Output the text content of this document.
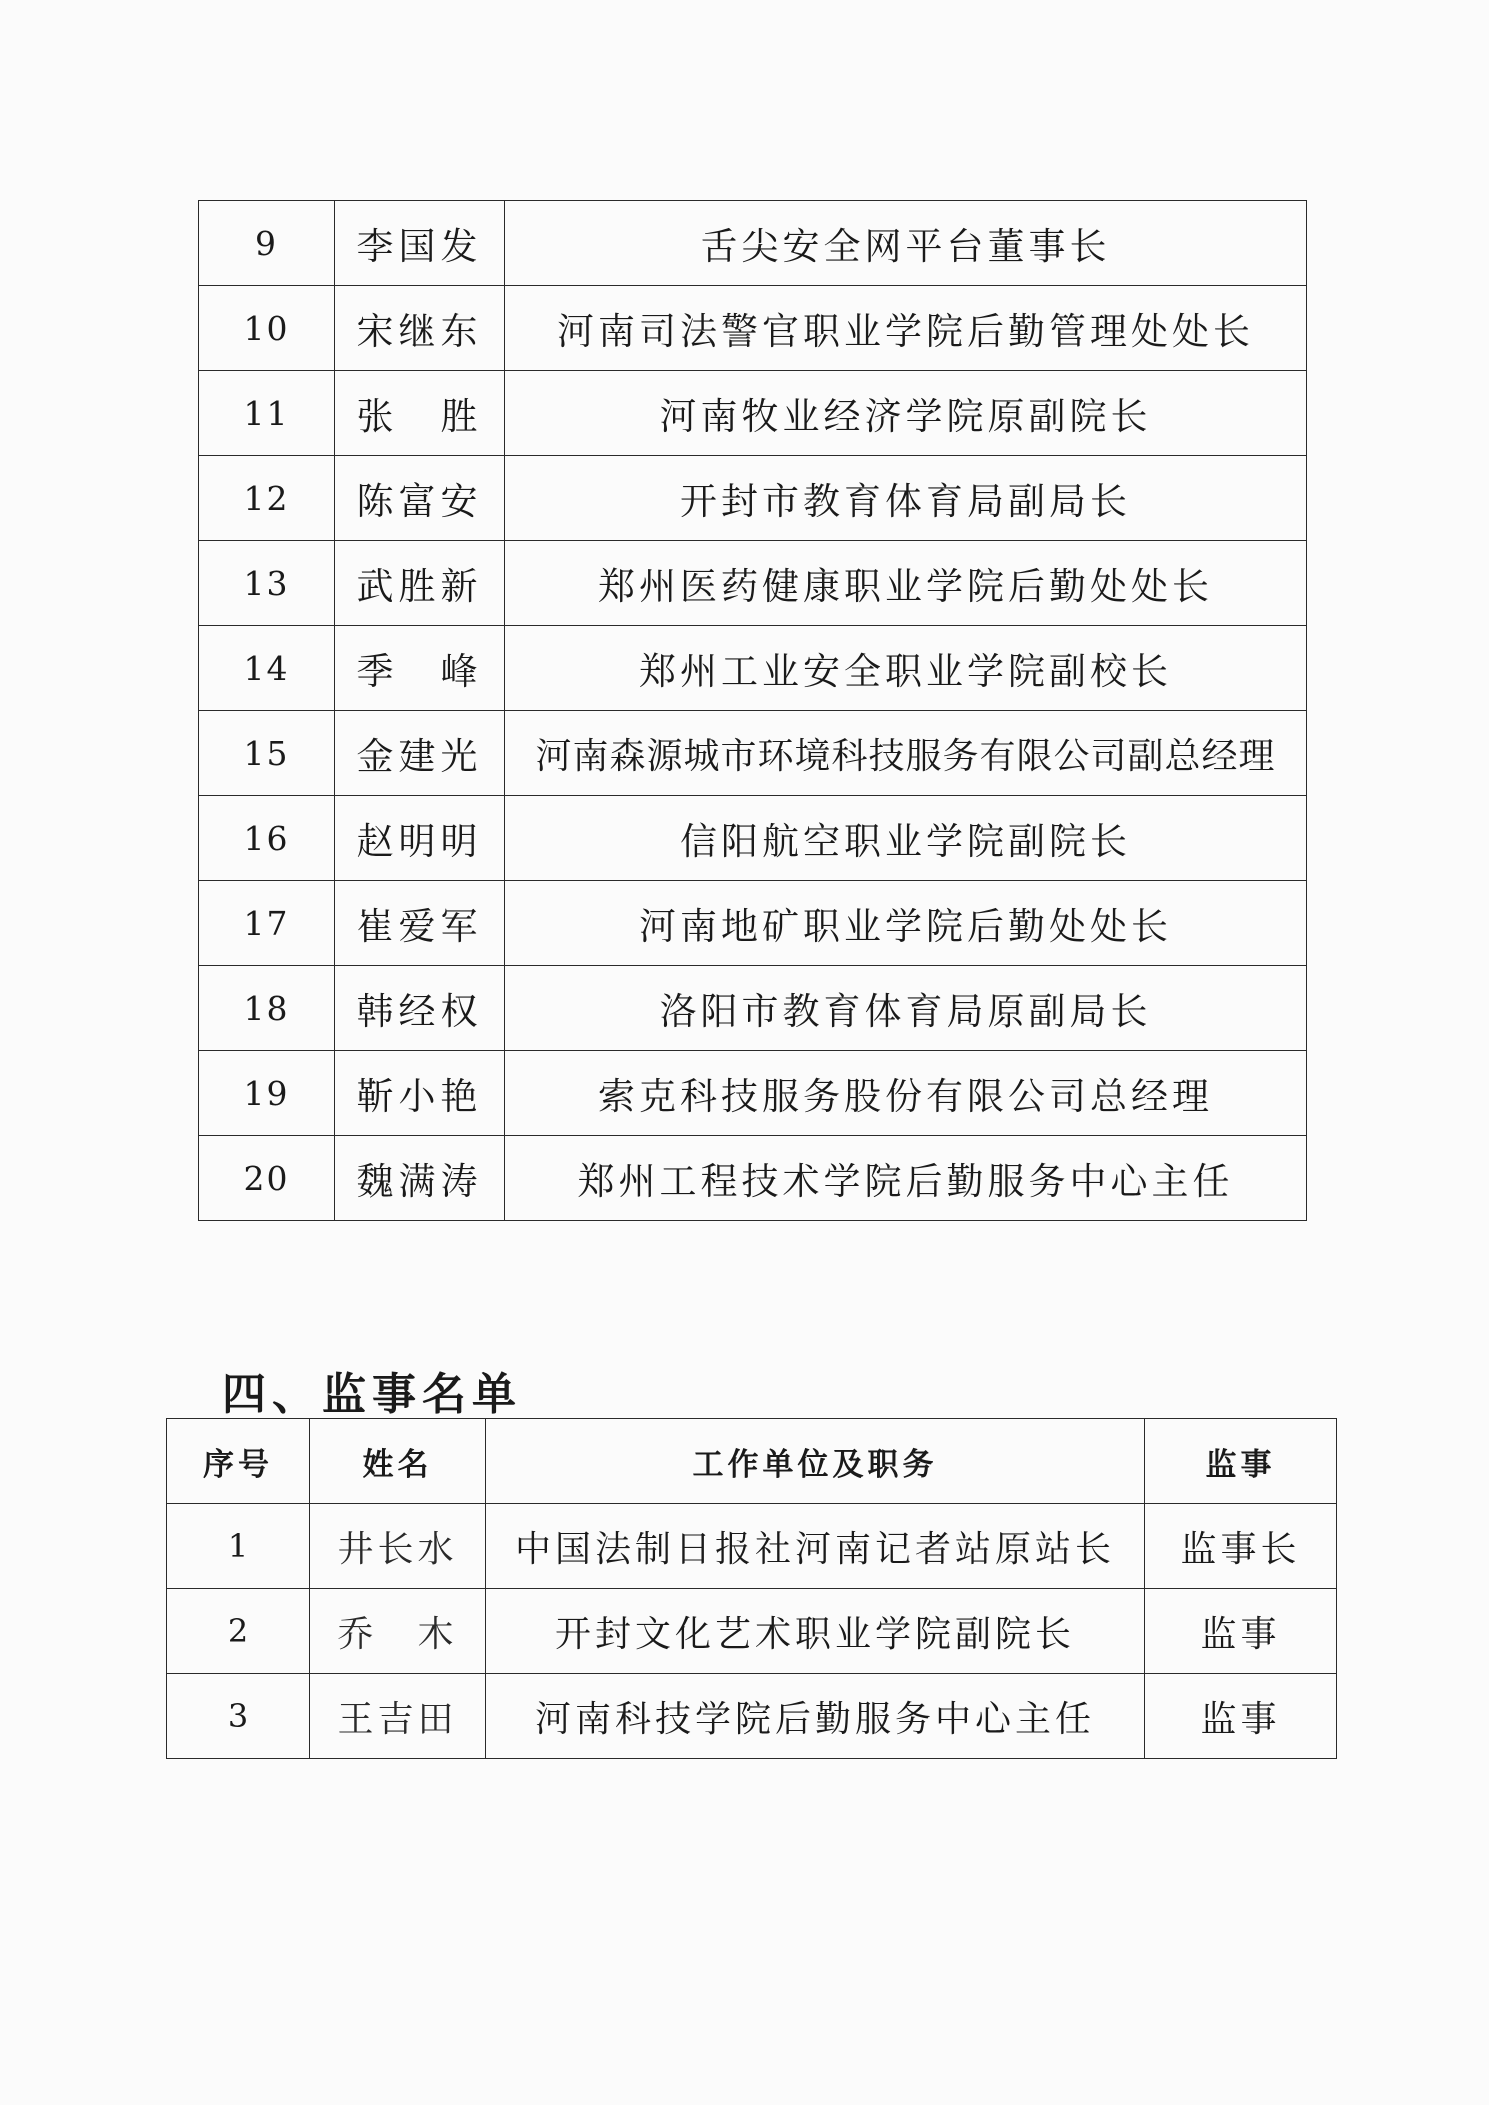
9	李国发	舌尖安全网平台董事长
10	宋继东	河南司法警官职业学院后勤管理处处长
11	张　胜	河南牧业经济学院原副院长
12	陈富安	开封市教育体育局副局长
13	武胜新	郑州医药健康职业学院后勤处处长
14	季　峰	郑州工业安全职业学院副校长
15	金建光	河南森源城市环境科技服务有限公司副总经理
16	赵明明	信阳航空职业学院副院长
17	崔爱军	河南地矿职业学院后勤处处长
18	韩经权	洛阳市教育体育局原副局长
19	靳小艳	索克科技服务股份有限公司总经理
20	魏满涛	郑州工程技术学院后勤服务中心主任
四、监事名单
序号	姓名	工作单位及职务	监事
1	井长水	中国法制日报社河南记者站原站长	监事长
2	乔　木	开封文化艺术职业学院副院长	监事
3	王吉田	河南科技学院后勤服务中心主任	监事
